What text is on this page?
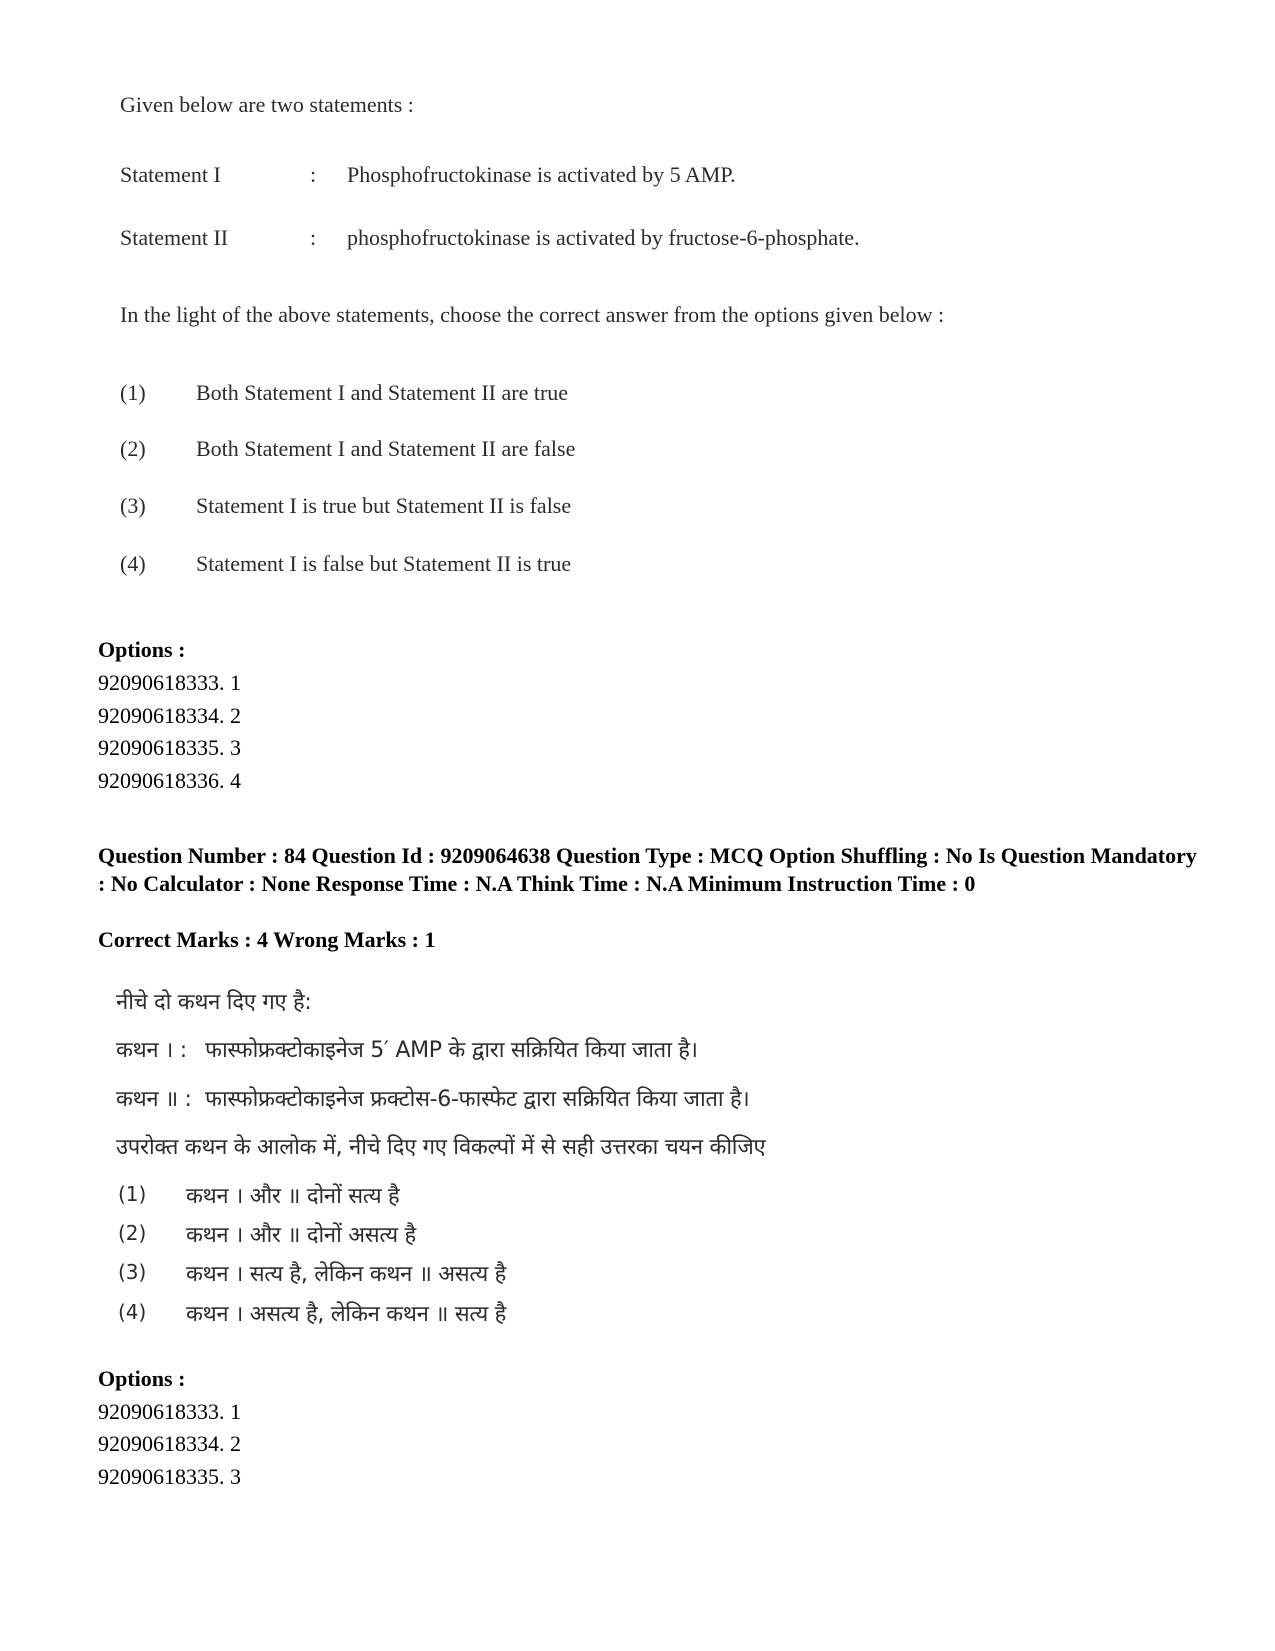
Given below are two statements :
Statement I	: Phosphofructokinase is activated by 5 AMP.
Statement II	: phosphofructokinase is activated by fructose-6-phosphate.
In the light of the above statements, choose the correct answer from the options given below :
(1) Both Statement I and Statement II are true
(2) Both Statement I and Statement II are false
(3) Statement I is true but Statement II is false
(4) Statement I is false but Statement II is true
Options :
92090618333. 1
92090618334. 2
92090618335. 3
92090618336. 4
Question Number : 84 Question Id : 9209064638 Question Type : MCQ Option Shuffling : No Is Question Mandatory : No Calculator : None Response Time : N.A Think Time : N.A Minimum Instruction Time : 0
Correct Marks : 4 Wrong Marks : 1
नीचे दो कथन दिए गए है:
कथन । : फास्फोफ्रक्टोकाइनेज 5′ AMP के द्वारा सक्रियित किया जाता है।
कथन ॥ : फास्फोफ्रक्टोकाइनेज फ्रक्टोस-6-फास्फेट द्वारा सक्रियित किया जाता है।
उपरोक्त कथन के आलोक में, नीचे दिए गए विकल्पों में से सही उत्तरका चयन कीजिए
(1) कथन । और ॥ दोनों सत्य है
(2) कथन । और ॥ दोनों असत्य है
(3) कथन । सत्य है, लेकिन कथन ॥ असत्य है
(4) कथन । असत्य है, लेकिन कथन ॥ सत्य है
Options :
92090618333. 1
92090618334. 2
92090618335. 3
